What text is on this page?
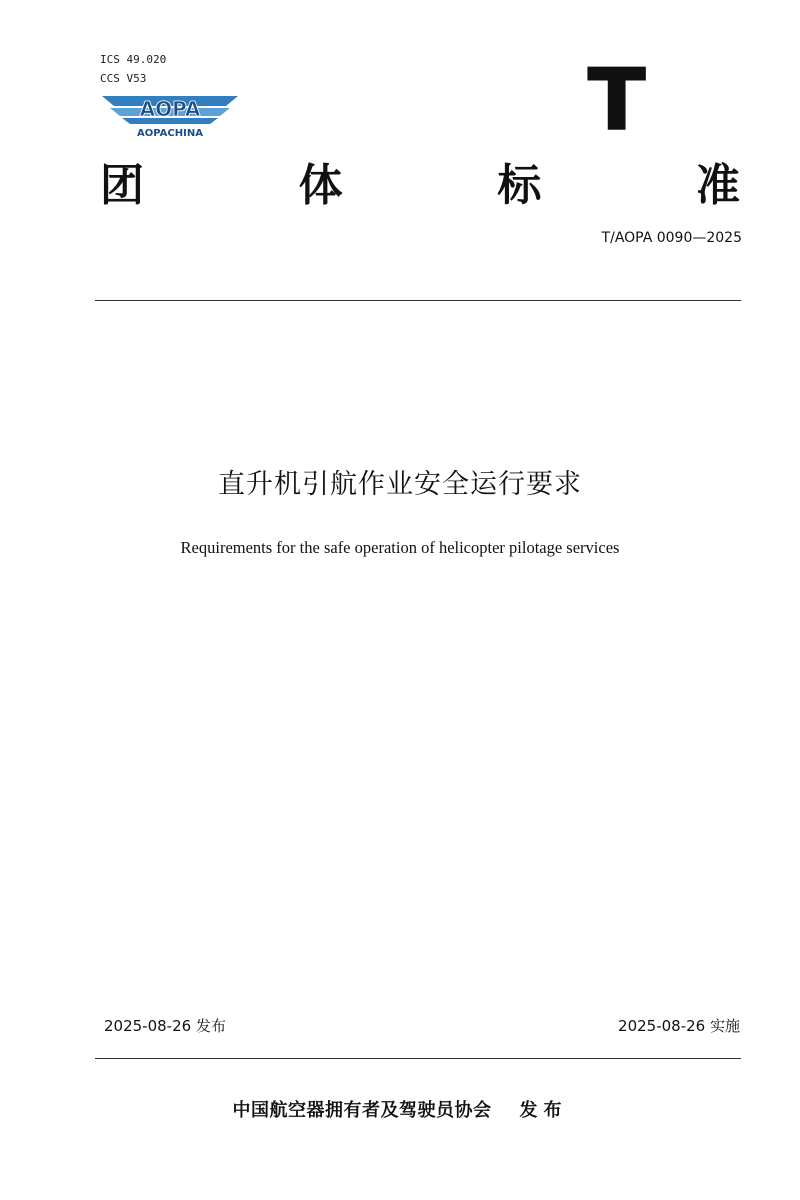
ICS 49.020
CCS V53
AOPA
AOPACHINA	T
团	体	标	准
T/AOPA 0090—2025
直升机引航作业安全运行要求
Requirements for the safe operation of helicopter pilotage services
2025-08-26 发布	2025-08-26 实施
中国航空器拥有者及驾驶员协会 发布
